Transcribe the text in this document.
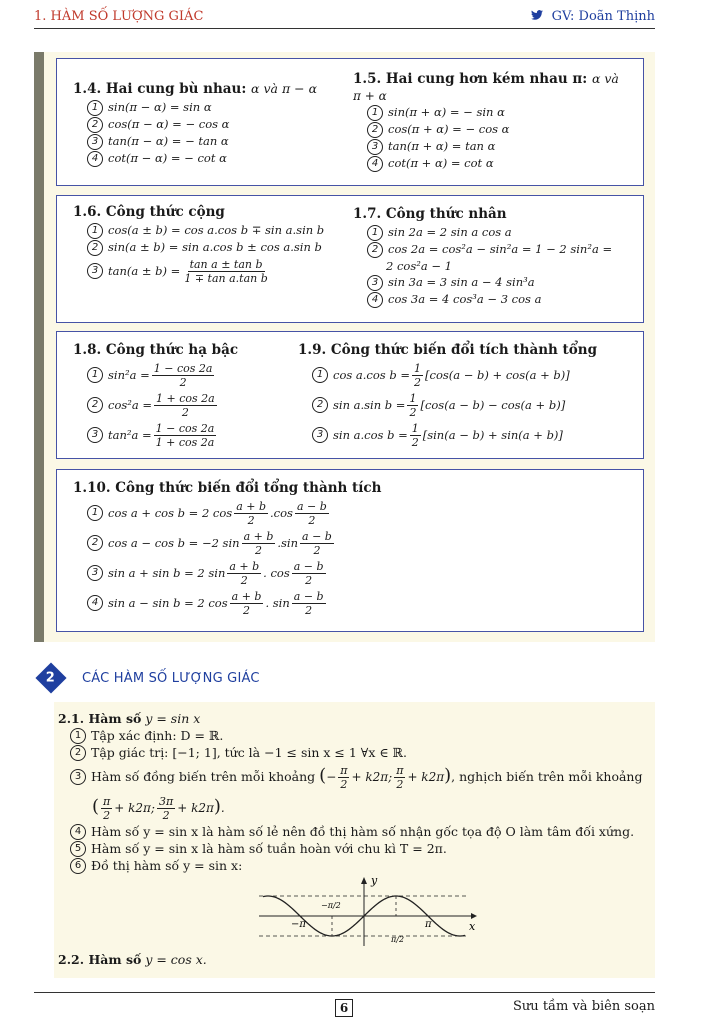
1. HÀM SỐ LƯỢNG GIÁC	GV: Doãn Thịnh
1.4. Hai cung bù nhau: α và π − α
1 sin(π − α) = sin α
2 cos(π − α) = − cos α
3 tan(π − α) = − tan α
4 cot(π − α) = − cot α
1.5. Hai cung hơn kém nhau π: α và
π + α
1 sin(π + α) = − sin α
2 cos(π + α) = − cos α
3 tan(π + α) = tan α
4 cot(π + α) = cot α
1.6. Công thức cộng
1 cos(a ± b) = cos a.cos b ∓ sin a.sin b
2 sin(a ± b) = sin a.cos b ± cos a.sin b
3 $\tan(a \pm b) = \frac{\text{tan a ± tan b}}{\text{1 ∓ tan a.tan b}}$
1.7. Công thức nhân
1 sin 2a = 2 sin a cos a
2 cos 2a = cos²a − sin²a = 1 − 2 sin²a =
2 cos²a − 1
3 sin 3a = 3 sin a − 4 sin³a
4 cos 3a = 4 cos³a − 3 cos a
1.8. Công thức hạ bậc
1 $\sin^2a = \frac{1 - \cos 2a}{2}$
2 $\cos^2a = \frac{1 + \cos 2a}{2}$
3 $\tan^2a = \frac{1 - \cos 2a}{1 + \cos 2a}$
1.9. Công thức biến đổi tích thành tổng
1 cos a.cos $b = \frac{1}{2} [\cos(a - b) + \cos(a + b)]$
2 sin a.sin $b = \frac{1}{2} [\cos(a - b) - \cos(a + b)]$
3 sin a.cos $b = \frac{1}{2} [\sin(a - b) + \sin(a + b)]$
1.10. Công thức biến đổi tổng thành tích
1 cos a + cos b = 2 $\cos \frac{a + b}{2} .\cos \frac{a - b}{2}$
2 cos a − cos b = −2 $\sin \frac{a + b}{2} .\sin \frac{a - b}{2}$
3 sin a + sin b = 2 $\sin \frac{a + b}{2}$ . $\cos \frac{a - b}{2}$
4 sin a − sin b = 2 $\cos \frac{a + b}{2}$ . $\sin \frac{a - b}{2}$
2 CÁC HÀM SỐ LƯỢNG GIÁC
2.1. Hàm số y = sin x
1 Tập xác định: D = ℝ.
2 Tập giác trị: [−1; 1], tức là −1 ≤ sin x ≤ 1 ∀x ∈ ℝ.
3 Hàm số đồng biến trên mỗi khoảng (− $\frac{\pi}{2} + k2\pi$; $\frac{\pi}{2} + k2\pi$) , nghịch biến trên mỗi khoảng
( $\frac{\pi}{2} + k2\pi$; $\frac{3\pi}{2} + k2\pi$).
4 Hàm số y = sin x là hàm số lẻ nên đồ thị hàm số nhận gốc tọa độ O làm tâm đối xứng.
5 Hàm số y = sin x là hàm số tuần hoàn với chu kì T = 2π.
6 Đồ thị hàm số y = sin x:
y
x
−π	π
−π/2
π/2
2.2. Hàm số y = cos x.
6	Sưu tầm và biên soạn
